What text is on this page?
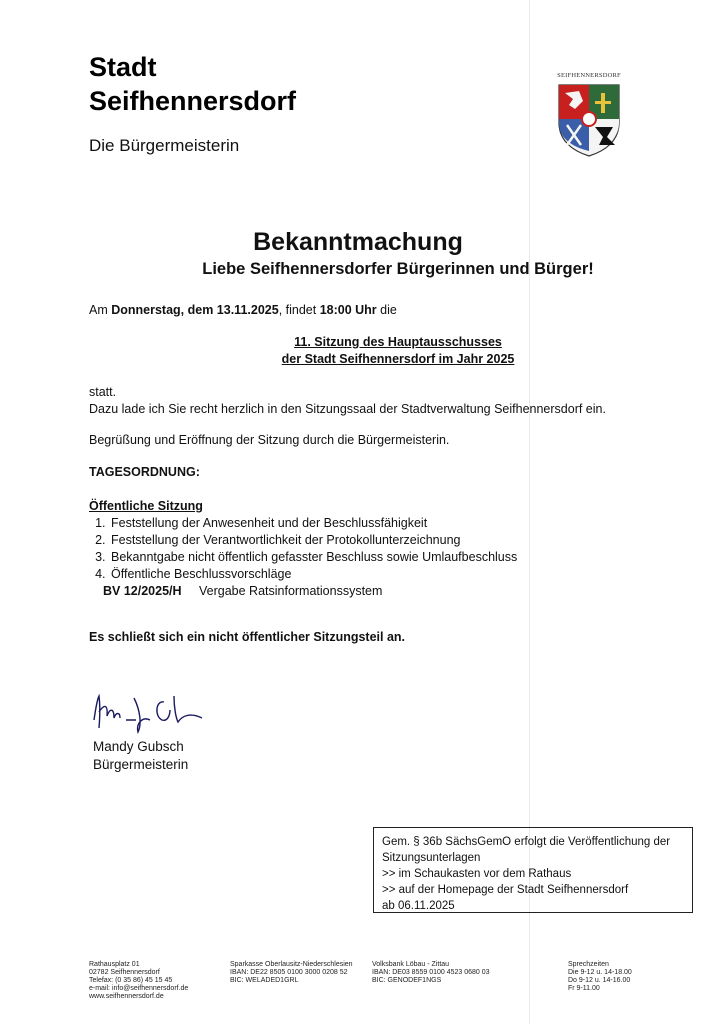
Stadt
Seifhennersdorf
Die Bürgermeisterin
SEIFHENNERSDORF
Bekanntmachung
Liebe Seifhennersdorfer Bürgerinnen und Bürger!
Am Donnerstag, dem 13.11.2025, findet 18:00 Uhr die
11. Sitzung des Hauptausschusses
der Stadt Seifhennersdorf im Jahr 2025
statt.
Dazu lade ich Sie recht herzlich in den Sitzungssaal der Stadtverwaltung Seifhennersdorf ein.
Begrüßung und Eröffnung der Sitzung durch die Bürgermeisterin.
TAGESORDNUNG:
Öffentliche Sitzung
1. Feststellung der Anwesenheit und der Beschlussfähigkeit
2. Feststellung der Verantwortlichkeit der Protokollunterzeichnung
3. Bekanntgabe nicht öffentlich gefasster Beschluss sowie Umlaufbeschluss
4. Öffentliche Beschlussvorschläge
BV 12/2025/H Vergabe Ratsinformationssystem
Es schließt sich ein nicht öffentlicher Sitzungsteil an.
Mandy Gubsch
Bürgermeisterin
Gem. § 36b SächsGemO erfolgt die Veröffentlichung der
Sitzungsunterlagen
>> im Schaukasten vor dem Rathaus
>> auf der Homepage der Stadt Seifhennersdorf
ab 06.11.2025
Rathausplatz 01
02782 Seifhennersdorf
Telefax: (0 35 86) 45 15 45
e-mail: info@seifhennersdorf.de
www.seifhennersdorf.de
Sparkasse Oberlausitz-Niederschlesien
IBAN: DE22 8505 0100 3000 0208 52
BIC: WELADED1GRL
Volksbank Löbau - Zittau
IBAN: DE03 8559 0100 4523 0680 03
BIC: GENODEF1NGS
Sprechzeiten
Die 9-12 u. 14-18.00
Do 9-12 u. 14-16.00
Fr 9-11.00
